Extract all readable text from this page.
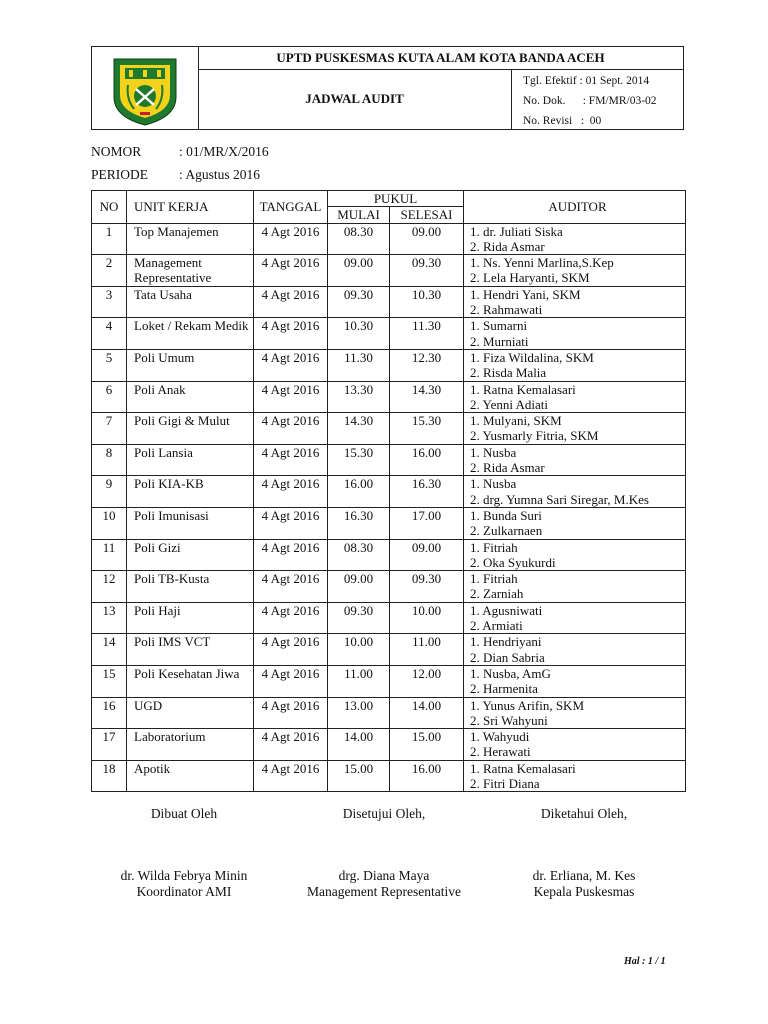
UPTD PUSKESMAS KUTA ALAM KOTA BANDA ACEH
JADWAL AUDIT
Tgl. Efektif : 01 Sept. 2014
No. Dok.      : FM/MR/03-02
No. Revisi   :  00
NOMOR	: 01/MR/X/2016
PERIODE : Agustus 2016
NO	UNIT KERJA	TANGGAL	PUKUL		AUDITOR
			MULAI	SELESAI	
1	Top Manajemen	4 Agt 2016	08.30	09.00	1. dr. Juliati Siska
2. Rida Asmar

2	Management Representative	4 Agt 2016	09.00	09.30	1. Ns. Yenni Marlina,S.Kep
2. Lela Haryanti, SKM

3	Tata Usaha	4 Agt 2016	09.30	10.30	1. Hendri Yani, SKM
2. Rahmawati

4	Loket / Rekam Medik	4 Agt 2016	10.30	11.30	1. Sumarni
2. Murniati

5	Poli Umum	4 Agt 2016	11.30	12.30	1. Fiza Wildalina, SKM
2. Risda Malia

6	Poli Anak	4 Agt 2016	13.30	14.30	1. Ratna Kemalasari
2. Yenni Adiati

7	Poli Gigi & Mulut	4 Agt 2016	14.30	15.30	1. Mulyani, SKM
2. Yusmarly Fitria, SKM

8	Poli Lansia	4 Agt 2016	15.30	16.00	1. Nusba
2. Rida Asmar

9	Poli KIA-KB	4 Agt 2016	16.00	16.30	1. Nusba
2. drg. Yumna Sari Siregar, M.Kes

10	Poli Imunisasi	4 Agt 2016	16.30	17.00	1. Bunda Suri
2. Zulkarnaen

11	Poli Gizi	4 Agt 2016	08.30	09.00	1. Fitriah
2. Oka Syukurdi

12	Poli TB-Kusta	4 Agt 2016	09.00	09.30	1. Fitriah
2. Zarniah

13	Poli Haji	4 Agt 2016	09.30	10.00	1. Agusniwati
2. Armiati

14	Poli IMS VCT	4 Agt 2016	10.00	11.00	1. Hendriyani
2. Dian Sabria

15	Poli Kesehatan Jiwa	4 Agt 2016	11.00	12.00	1. Nusba, AmG
2. Harmenita

16	UGD	4 Agt 2016	13.00	14.00	1. Yunus Arifin, SKM
2. Sri Wahyuni

17	Laboratorium	4 Agt 2016	14.00	15.00	1. Wahyudi
2. Herawati

18	Apotik	4 Agt 2016	15.00	16.00	1. Ratna Kemalasari
2. Fitri Diana
Dibuat Oleh
dr. Wilda Febrya Minin
Koordinator AMI
Disetujui Oleh,
drg. Diana Maya
Management Representative
Diketahui Oleh,
dr. Erliana, M. Kes
Kepala Puskesmas
Hal : 1 / 1
